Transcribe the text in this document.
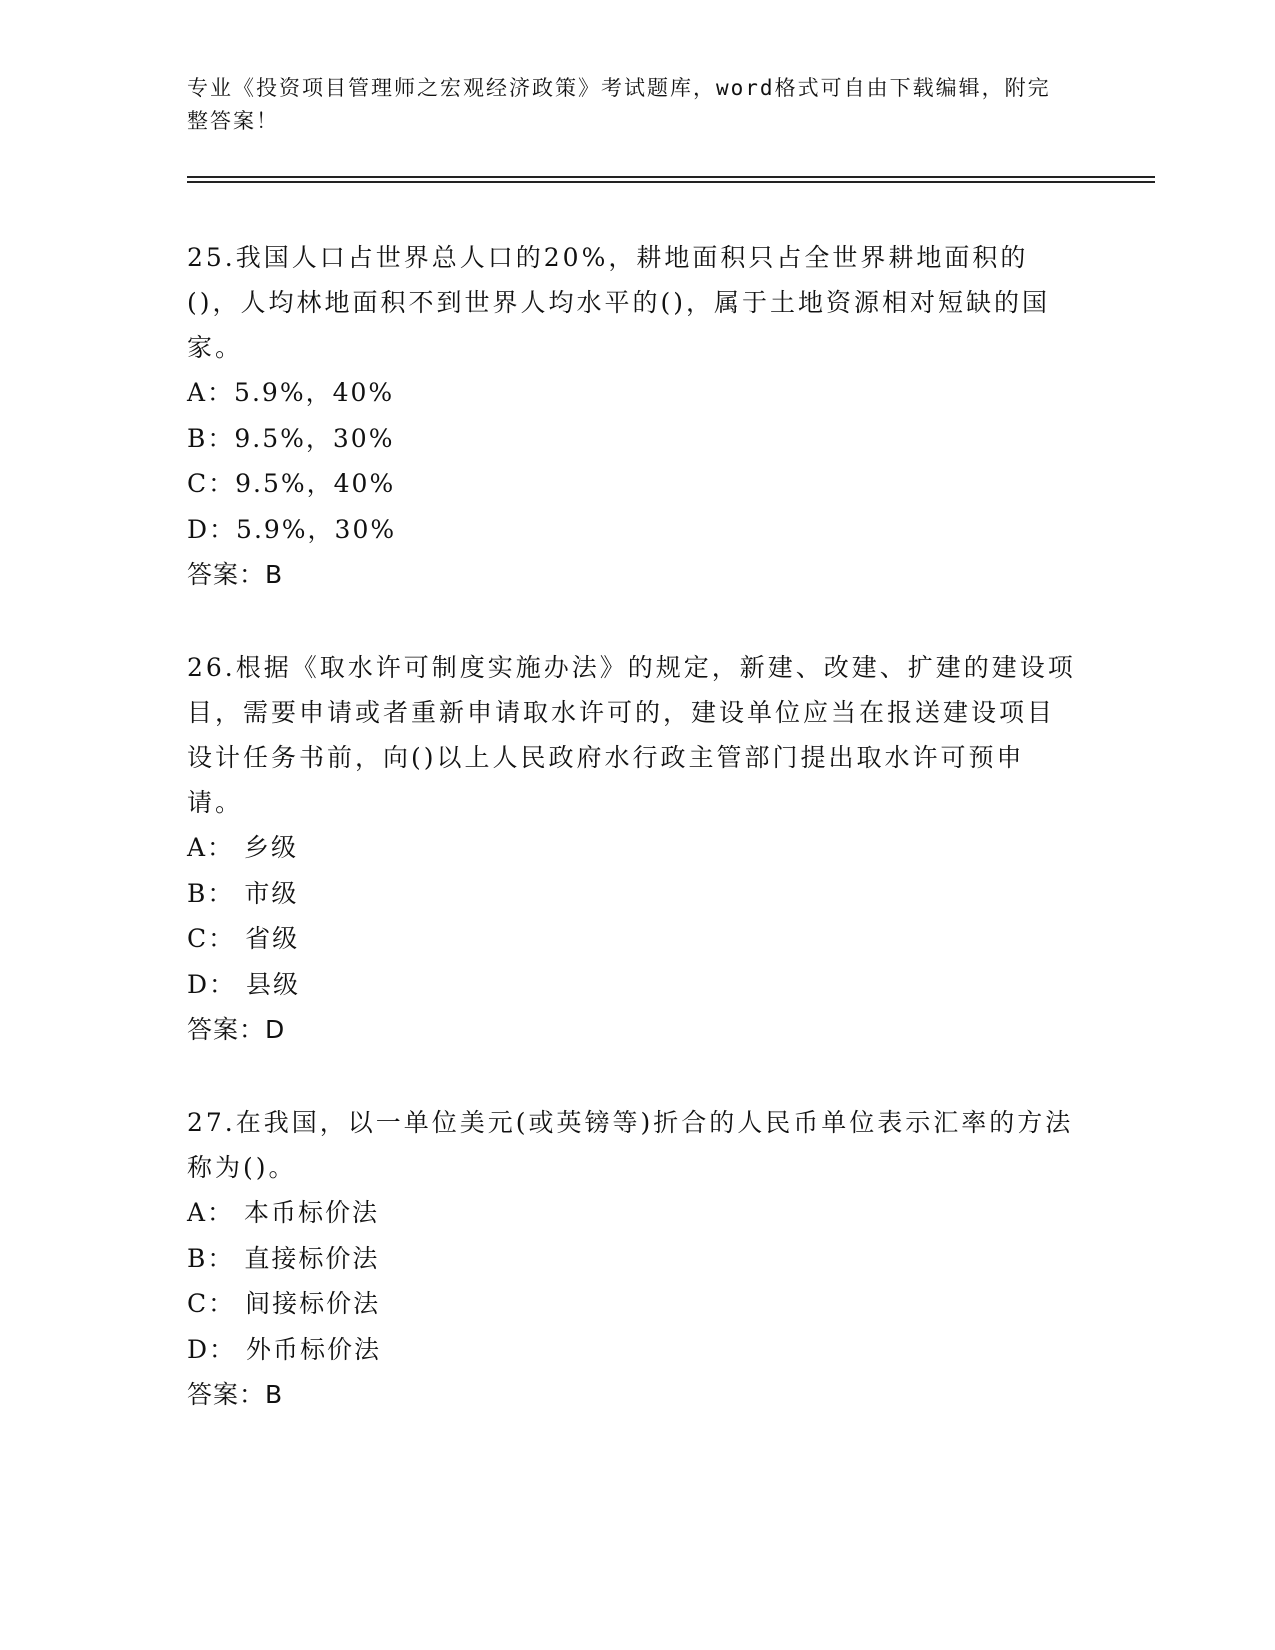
专业《投资项目管理师之宏观经济政策》考试题库，word格式可自由下载编辑，附完整答案！
25.我国人口占世界总人口的20%，耕地面积只占全世界耕地面积的()，人均林地面积不到世界人均水平的()，属于土地资源相对短缺的国家。
A：5.9%，40%
B：9.5%，30%
C：9.5%，40%
D：5.9%，30%
答案：B
26.根据《取水许可制度实施办法》的规定，新建、改建、扩建的建设项目，需要申请或者重新申请取水许可的，建设单位应当在报送建设项目设计任务书前，向()以上人民政府水行政主管部门提出取水许可预申请。
A： 乡级
B： 市级
C： 省级
D： 县级
答案：D
27.在我国，以一单位美元(或英镑等)折合的人民币单位表示汇率的方法称为()。
A： 本币标价法
B： 直接标价法
C： 间接标价法
D： 外币标价法
答案：B
